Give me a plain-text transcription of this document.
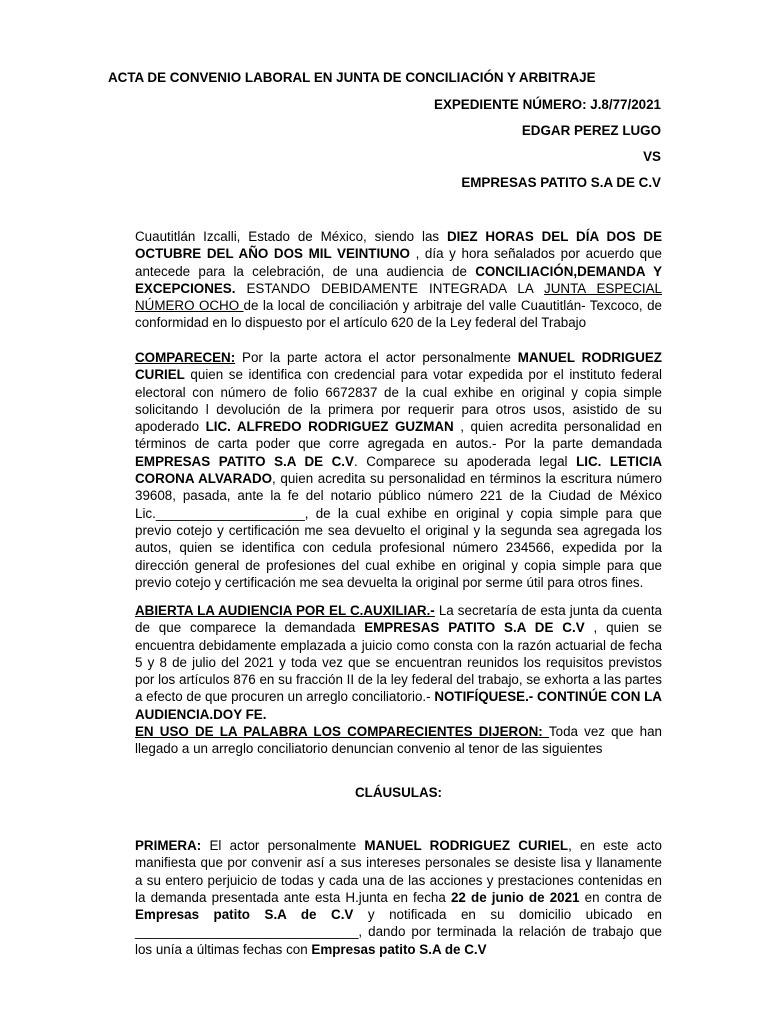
ACTA DE CONVENIO LABORAL EN JUNTA DE CONCILIACIÓN Y ARBITRAJE

EXPEDIENTE NÚMERO: J.8/77/2021

EDGAR PEREZ LUGO

VS

EMPRESAS PATITO S.A DE C.V

Cuautitlán Izcalli, Estado de México, siendo las DIEZ HORAS DEL DÍA DOS DE OCTUBRE DEL AÑO DOS MIL VEINTIUNO , día y hora señalados por acuerdo que antecede para la celebración, de una audiencia de CONCILIACIÓN,DEMANDA Y EXCEPCIONES. ESTANDO DEBIDAMENTE INTEGRADA LA JUNTA ESPECIAL NÚMERO OCHO de la local de conciliación y arbitraje del valle Cuautitlán- Texcoco, de conformidad en lo dispuesto por el artículo 620 de la Ley federal del Trabajo

COMPARECEN: Por la parte actora el actor personalmente MANUEL RODRIGUEZ CURIEL quien se identifica con credencial para votar expedida por el instituto federal electoral con número de folio 6672837 de la cual exhibe en original y copia simple solicitando l devolución de la primera por requerir para otros usos, asistido de su apoderado LIC. ALFREDO RODRIGUEZ GUZMAN , quien acredita personalidad en términos de carta poder que corre agregada en autos.- Por la parte demandada EMPRESAS PATITO S.A DE C.V. Comparece su apoderada legal LIC. LETICIA CORONA ALVARADO, quien acredita su personalidad en términos la escritura número 39608, pasada, ante la fe del notario público número 221 de la Ciudad de México Lic.____________________, de la cual exhibe en original y copia simple para que previo cotejo y certificación me sea devuelto el original y la segunda sea agregada los autos, quien se identifica con cedula profesional número 234566, expedida por la dirección general de profesiones del cual exhibe en original y copia simple para que previo cotejo y certificación me sea devuelta la original por serme útil para otros fines.

ABIERTA LA AUDIENCIA POR EL C.AUXILIAR.- La secretaría de esta junta da cuenta de que comparece la demandada EMPRESAS PATITO S.A DE C.V , quien se encuentra debidamente emplazada a juicio como consta con la razón actuarial de fecha 5 y 8 de julio del 2021 y toda vez que se encuentran reunidos los requisitos previstos por los artículos 876 en su fracción II de la ley federal del trabajo, se exhorta a las partes a efecto de que procuren un arreglo conciliatorio.- NOTIFÍQUESE.- CONTINÚE CON LA AUDIENCIA.DOY FE.

EN USO DE LA PALABRA LOS COMPARECIENTES DIJERON: Toda vez que han llegado a un arreglo conciliatorio denuncian convenio al tenor de las siguientes

CLÁUSULAS:

PRIMERA: El actor personalmente MANUEL RODRIGUEZ CURIEL, en este acto manifiesta que por convenir así a sus intereses personales se desiste lisa y llanamente a su entero perjuicio de todas y cada una de las acciones y prestaciones contenidas en la demanda presentada ante esta H.junta en fecha 22 de junio de 2021 en contra de Empresas patito S.A de C.V y notificada en su domicilio ubicado en ______________________________, dando por terminada la relación de trabajo que los unía a últimas fechas con Empresas patito S.A de C.V
